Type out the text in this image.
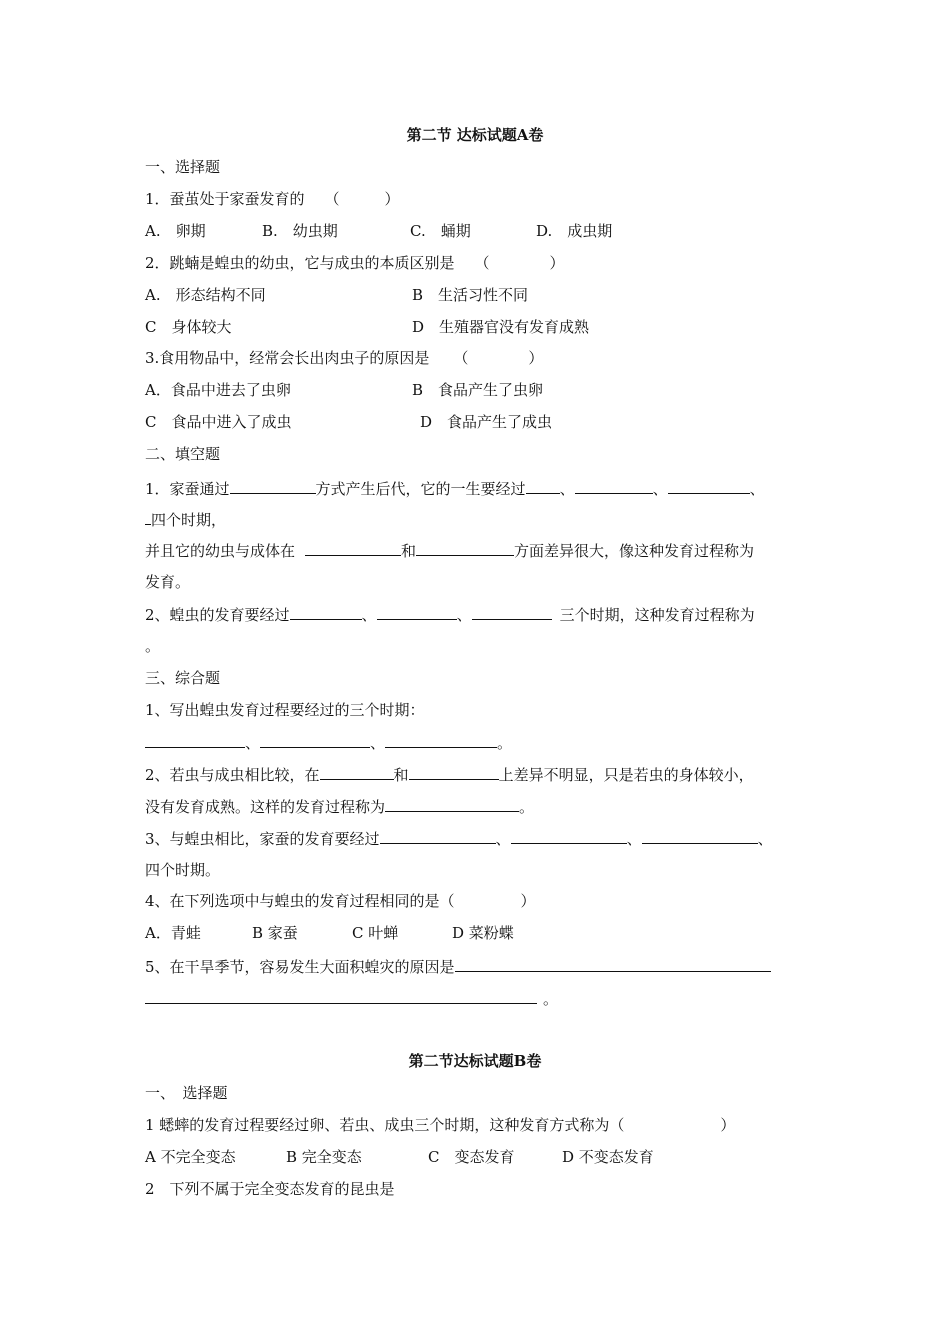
第二节 达标试题A卷
一、选择题
1．蚕茧处于家蚕发育的 （　　　）
A.　卵期	B.　幼虫期	C.　蛹期	D.　成虫期
2．跳蝻是蝗虫的幼虫，它与成虫的本质区别是 （　　　　）
A.　形态结构不同	B　生活习性不同
C　身体较大	D　生殖器官没有发育成熟
3.食用物品中，经常会长出肉虫子的原因是 （　　　　）
A．食品中进去了虫卵	B　食品产生了虫卵
C　食品中进入了成虫	D　食品产生了成虫
二、填空题
1．家蚕通过	方式产生后代，它的一生要经过 、	、	、
四个时期，
并且它的幼虫与成体在	和	方面差异很大，像这种发育过程称为
发育。
2、蝗虫的发育要经过	、	、	三个时期，这种发育过程称为
。
三、综合题
1、写出蝗虫发育过程要经过的三个时期：
、	、	。
2、若虫与成虫相比较，在	和	上差异不明显，只是若虫的身体较小，
没有发育成熟。这样的发育过程称为	。
3、与蝗虫相比，家蚕的发育要经过	、	、	、
四个时期。
4、在下列选项中与蝗虫的发育过程相同的是（	）
A．青蛙	B 家蚕	C 叶蝉	D 菜粉蝶
5、在干旱季节，容易发生大面积蝗灾的原因是
。
第二节达标试题B卷
一、　选择题
1 蟋蟀的发育过程要经过卵、若虫、成虫三个时期，这种发育方式称为（	）
A 不完全变态	B 完全变态	C　变态发育	D 不变态发育
2　下列不属于完全变态发育的昆虫是
